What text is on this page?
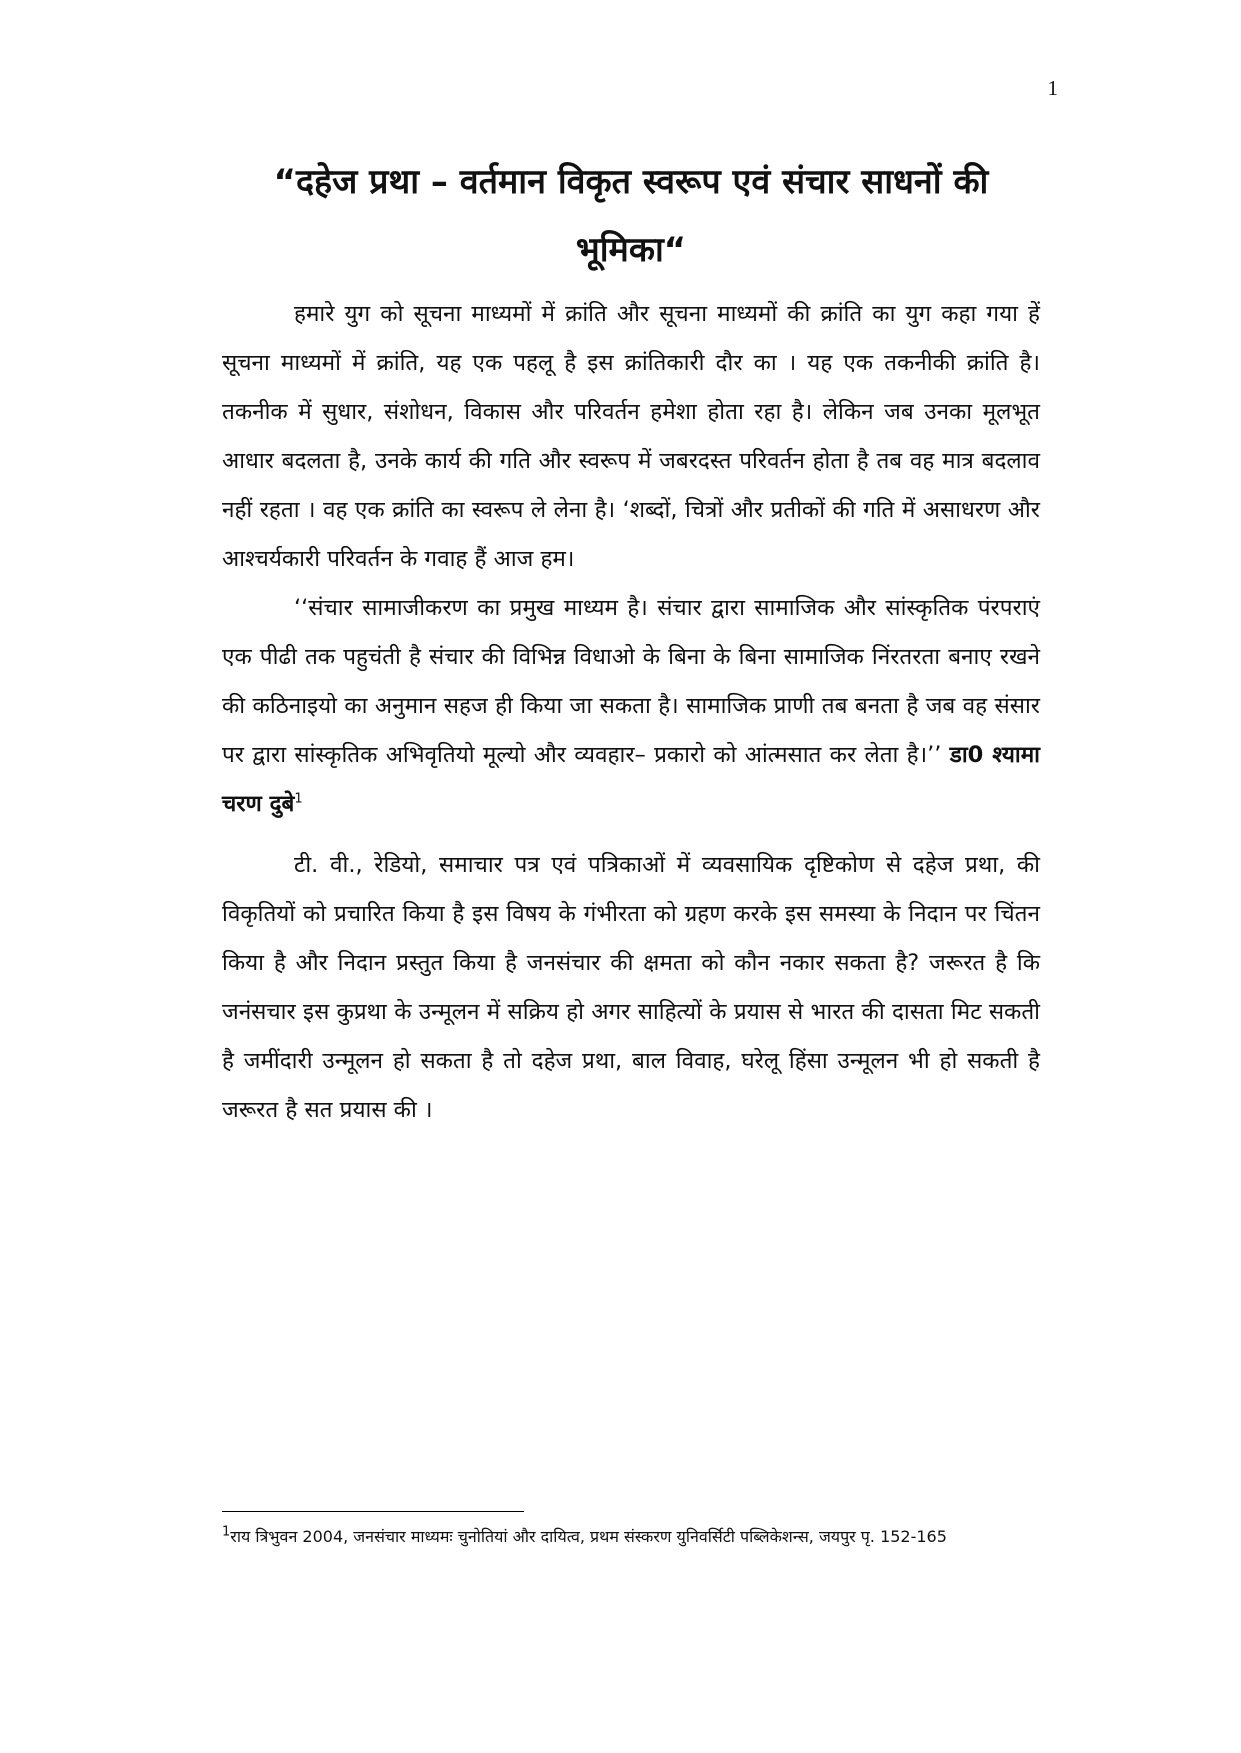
1
“दहेज प्रथा – वर्तमान विकृत स्वरूप एवं संचार साधनों की भूमिका“

हमारे युग को सूचना माध्यमों में क्रांति और सूचना माध्यमों की क्रांति का युग कहा गया हें सूचना माध्यमों में क्रांति, यह एक पहलू है इस क्रांतिकारी दौर का । यह एक तकनीकी क्रांति है। तकनीक में सुधार, संशोधन, विकास और परिवर्तन हमेशा होता रहा है। लेकिन जब उनका मूलभूत आधार बदलता है, उनके कार्य की गति और स्वरूप में जबरदस्त परिवर्तन होता है तब वह मात्र बदलाव नहीं रहता । वह एक क्रांति का स्वरूप ले लेना है। ‘शब्दों, चित्रों और प्रतीकों की गति में असाधरण और आश्चर्यकारी परिवर्तन के गवाह हैं आज हम।

‘‘संचार सामाजीकरण का प्रमुख माध्यम है। संचार द्वारा सामाजिक और सांस्कृतिक पंरपराएं एक पीढी तक पहुचंती है संचार की विभिन्न विधाओ के बिना के बिना सामाजिक निंरतरता बनाए रखने की कठिनाइयो का अनुमान सहज ही किया जा सकता है। सामाजिक प्राणी तब बनता है जब वह संसार पर द्वारा सांस्कृतिक अभिवृतियो मूल्यो और व्यवहार– प्रकारो को आंत्मसात कर लेता है।’’ डा0 श्यामा चरण दुबे$^1$

टी. वी., रेडियो, समाचार पत्र एवं पत्रिकाओं में व्यवसायिक दृष्टिकोण से दहेज प्रथा, की विकृतियों को प्रचारित किया है इस विषय के गंभीरता को ग्रहण करके इस समस्या के निदान पर चिंतन किया है और निदान प्रस्तुत किया है जनसंचार की क्षमता को कौन नकार सकता है? जरूरत है कि जनंसचार इस कुप्रथा के उन्मूलन में सक्रिय हो अगर साहित्यों के प्रयास से भारत की दासता मिट सकती है जमींदारी उन्मूलन हो सकता है तो दहेज प्रथा, बाल विवाह, घरेलू हिंसा उन्मूलन भी हो सकती है जरूरत है सत प्रयास की ।

$^1$राय त्रिभुवन 2004, जनसंचार माध्यमः चुनोतियां और दायित्व, प्रथम संस्करण युनिवर्सिटी पब्लिकेशन्स, जयपुर पृ. 152-165
